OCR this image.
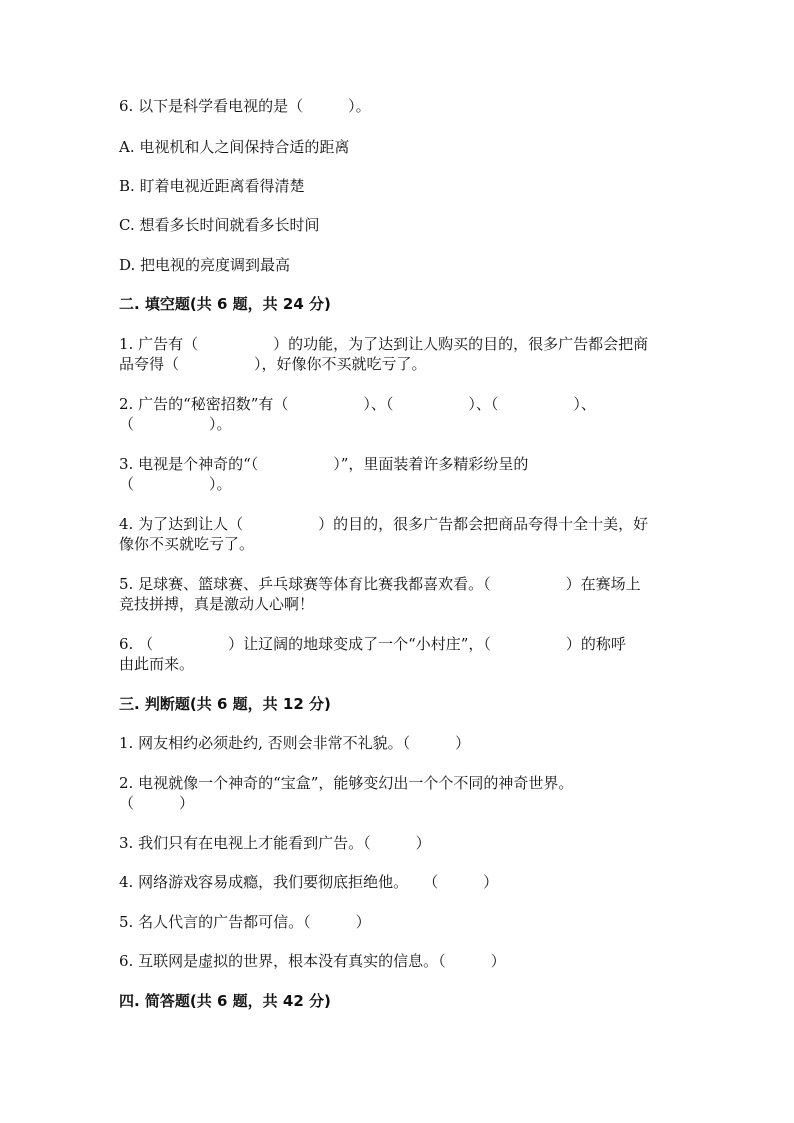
6. 以下是科学看电视的是（　　　）。
A. 电视机和人之间保持合适的距离
B. 盯着电视近距离看得清楚
C. 想看多长时间就看多长时间
D. 把电视的亮度调到最高
二. 填空题(共 6 题，共 24 分)
1. 广告有（　　　　　）的功能，为了达到让人购买的目的，很多广告都会把商
品夸得（　　　　　），好像你不买就吃亏了。
2. 广告的“秘密招数”有（　　　　　）、（　　　　　）、（　　　　　）、
（　　　　　）。
3. 电视是个神奇的“（　　　　　）”，里面装着许多精彩纷呈的
（　　　　　）。
4. 为了达到让人（　　　　　）的目的，很多广告都会把商品夸得十全十美，好
像你不买就吃亏了。
5. 足球赛、篮球赛、乒乓球赛等体育比赛我都喜欢看。（　　　　　）在赛场上
竞技拼搏，真是激动人心啊！
6. （　　　　　）让辽阔的地球变成了一个“小村庄”，（　　　　　）的称呼
由此而来。
三. 判断题(共 6 题，共 12 分)
1. 网友相约必须赴约, 否则会非常不礼貌。（　　　）
2. 电视就像一个神奇的“宝盒”，能够变幻出一个个不同的神奇世界。
（　　　）
3. 我们只有在电视上才能看到广告。（　　　）
4. 网络游戏容易成瘾，我们要彻底拒绝他。　　（　　　）
5. 名人代言的广告都可信。（　　　）
6. 互联网是虚拟的世界，根本没有真实的信息。（　　　）
四. 简答题(共 6 题，共 42 分)
